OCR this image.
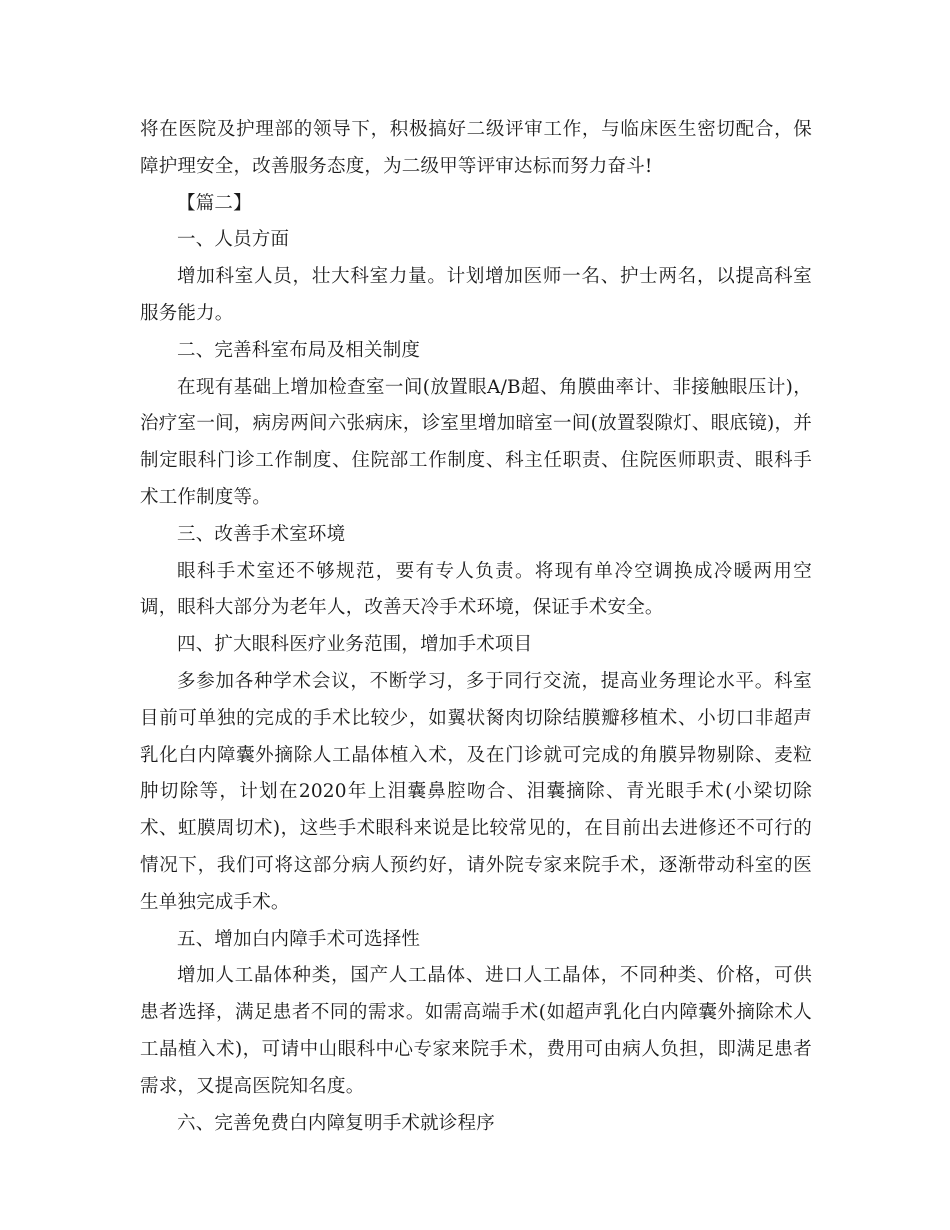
将在医院及护理部的领导下，积极搞好二级评审工作，与临床医生密切配合，保障护理安全，改善服务态度，为二级甲等评审达标而努力奋斗!

【篇二】

一、人员方面

增加科室人员，壮大科室力量。计划增加医师一名、护士两名，以提高科室服务能力。

二、完善科室布局及相关制度

在现有基础上增加检查室一间(放置眼A/B超、角膜曲率计、非接触眼压计)，治疗室一间，病房两间六张病床，诊室里增加暗室一间(放置裂隙灯、眼底镜)，并制定眼科门诊工作制度、住院部工作制度、科主任职责、住院医师职责、眼科手术工作制度等。

三、改善手术室环境

眼科手术室还不够规范，要有专人负责。将现有单冷空调换成冷暖两用空调，眼科大部分为老年人，改善天冷手术环境，保证手术安全。

四、扩大眼科医疗业务范围，增加手术项目

多参加各种学术会议，不断学习，多于同行交流，提高业务理论水平。科室目前可单独的完成的手术比较少，如翼状胬肉切除结膜瓣移植术、小切口非超声乳化白内障囊外摘除人工晶体植入术，及在门诊就可完成的角膜异物剔除、麦粒肿切除等，计划在2020年上泪囊鼻腔吻合、泪囊摘除、青光眼手术(小梁切除术、虹膜周切术)，这些手术眼科来说是比较常见的，在目前出去进修还不可行的情况下，我们可将这部分病人预约好，请外院专家来院手术，逐渐带动科室的医生单独完成手术。

五、增加白内障手术可选择性

增加人工晶体种类，国产人工晶体、进口人工晶体，不同种类、价格，可供患者选择，满足患者不同的需求。如需高端手术(如超声乳化白内障囊外摘除术人工晶植入术)，可请中山眼科中心专家来院手术，费用可由病人负担，即满足患者需求，又提高医院知名度。

六、完善免费白内障复明手术就诊程序
